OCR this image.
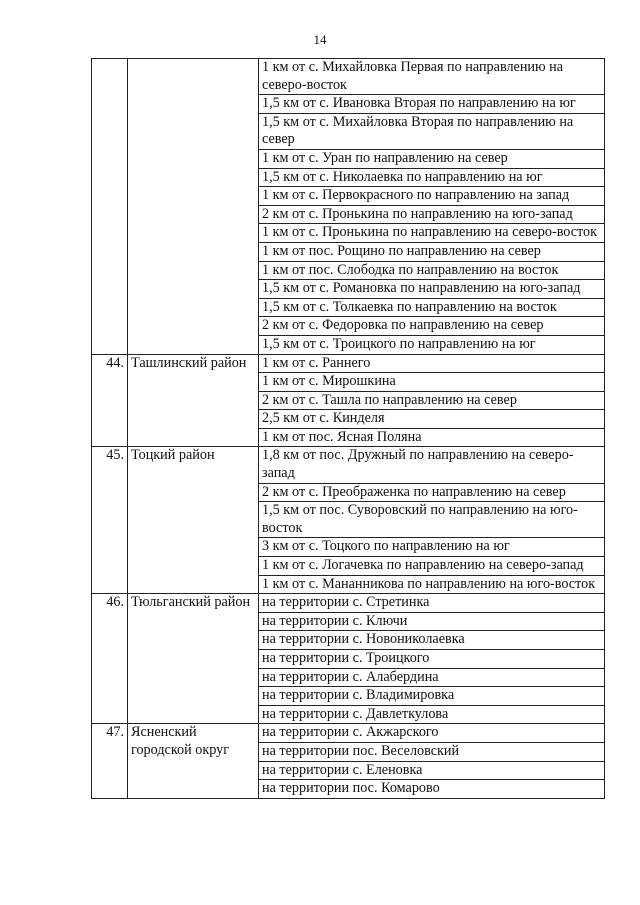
14
		1 км от с. Михайловка Первая по направлению на северо-восток
		1,5 км от с. Ивановка Вторая по направлению на юг
		1,5 км от с. Михайловка Вторая по направлению на север
		1 км от с. Уран по направлению на север
		1,5 км от с. Николаевка по направлению на юг
		1 км от с. Первокрасного по направлению на запад
		2 км от с. Пронькина по направлению на юго-запад
		1 км от с. Пронькина по направлению на северо-восток
		1 км от пос. Рощино по направлению на север
		1 км от пос. Слободка по направлению на восток
		1,5 км от с. Романовка по направлению на юго-запад
		1,5 км от с. Толкаевка по направлению на восток
		2 км от с. Федоровка по направлению на север
		1,5 км от с. Троицкого по направлению на юг
44.	Ташлинский район	1 км от с. Раннего
		1 км от с. Мирошкина
		2 км от с. Ташла по направлению на север
		2,5 км от с. Кинделя
		1 км от пос. Ясная Поляна
45.	Тоцкий район	1,8 км от пос. Дружный по направлению на северо-запад
		2 км от с. Преображенка по направлению на север
		1,5 км от пос. Суворовский по направлению на юго-восток
		3 км от с. Тоцкого по направлению на юг
		1 км от с. Логачевка по направлению на северо-запад
		1 км от с. Мананникова по направлению на юго-восток
46.	Тюльганский район	на территории с. Стретинка
		на территории с. Ключи
		на территории с. Новониколаевка
		на территории с. Троицкого
		на территории с. Алабердина
		на территории с. Владимировка
		на территории с. Давлеткулова
47.	Ясненский городской округ	на территории с. Акжарского
		на территории пос. Веселовский
		на территории с. Еленовка
		на территории пос. Комарово
